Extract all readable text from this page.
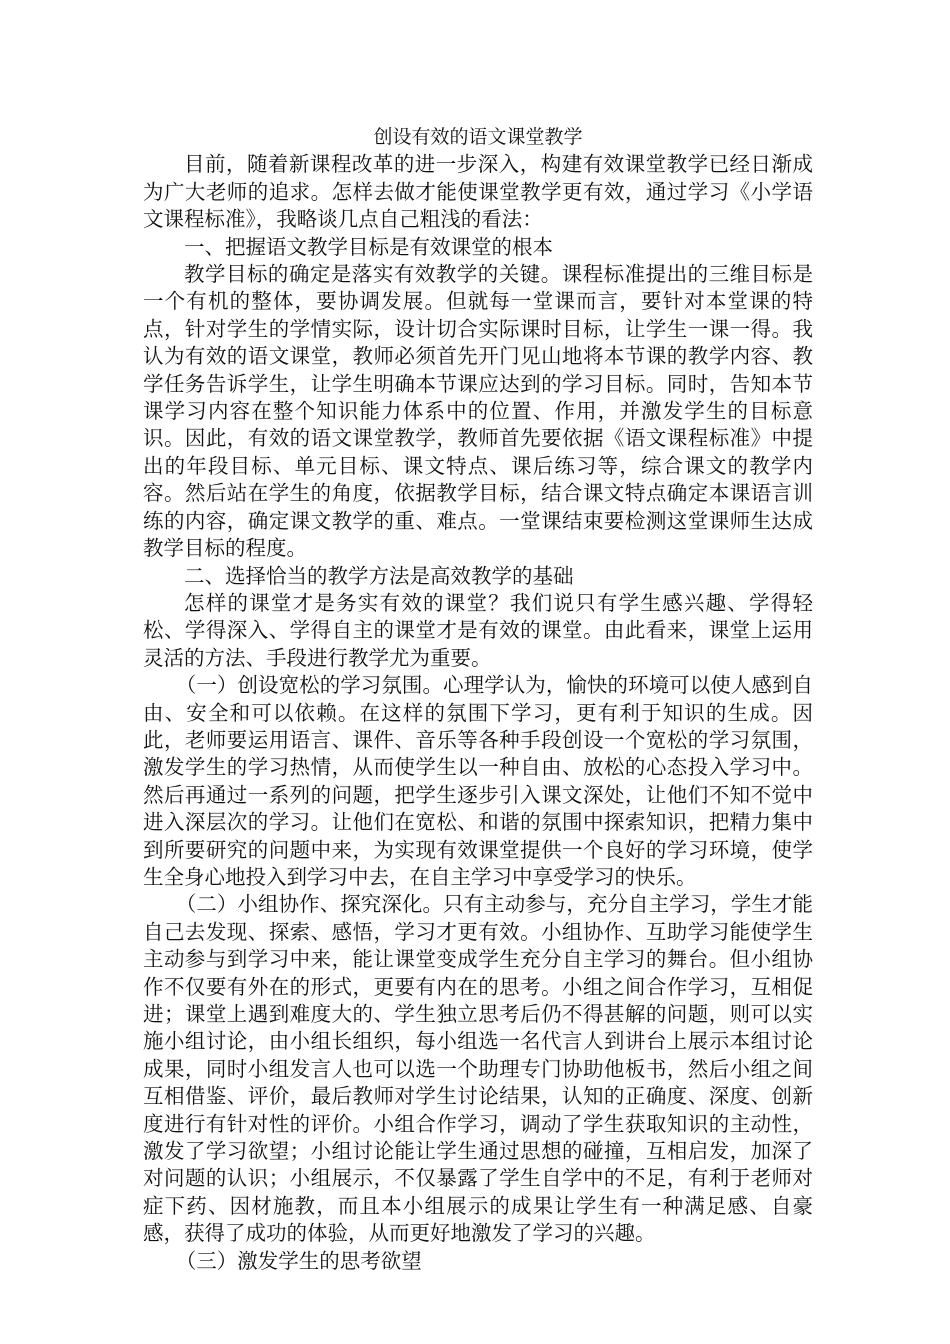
创设有效的语文课堂教学

目前，随着新课程改革的进一步深入，构建有效课堂教学已经日渐成为广大老师的追求。怎样去做才能使课堂教学更有效，通过学习《小学语文课程标准》，我略谈几点自己粗浅的看法：

一、把握语文教学目标是有效课堂的根本

教学目标的确定是落实有效教学的关键。课程标准提出的三维目标是一个有机的整体，要协调发展。但就每一堂课而言，要针对本堂课的特点，针对学生的学情实际，设计切合实际课时目标，让学生一课一得。我认为有效的语文课堂，教师必须首先开门见山地将本节课的教学内容、教学任务告诉学生，让学生明确本节课应达到的学习目标。同时，告知本节课学习内容在整个知识能力体系中的位置、作用，并激发学生的目标意识。因此，有效的语文课堂教学，教师首先要依据《语文课程标准》中提出的年段目标、单元目标、课文特点、课后练习等，综合课文的教学内容。然后站在学生的角度，依据教学目标，结合课文特点确定本课语言训练的内容，确定课文教学的重、难点。一堂课结束要检测这堂课师生达成教学目标的程度。

二、选择恰当的教学方法是高效教学的基础

怎样的课堂才是务实有效的课堂？我们说只有学生感兴趣、学得轻松、学得深入、学得自主的课堂才是有效的课堂。由此看来，课堂上运用灵活的方法、手段进行教学尤为重要。

（一）创设宽松的学习氛围。心理学认为，愉快的环境可以使人感到自由、安全和可以依赖。在这样的氛围下学习，更有利于知识的生成。因此，老师要运用语言、课件、音乐等各种手段创设一个宽松的学习氛围，激发学生的学习热情，从而使学生以一种自由、放松的心态投入学习中。然后再通过一系列的问题，把学生逐步引入课文深处，让他们不知不觉中进入深层次的学习。让他们在宽松、和谐的氛围中探索知识，把精力集中到所要研究的问题中来，为实现有效课堂提供一个良好的学习环境，使学生全身心地投入到学习中去，在自主学习中享受学习的快乐。

（二）小组协作、探究深化。只有主动参与，充分自主学习，学生才能自己去发现、探索、感悟，学习才更有效。小组协作、互助学习能使学生主动参与到学习中来，能让课堂变成学生充分自主学习的舞台。但小组协作不仅要有外在的形式，更要有内在的思考。小组之间合作学习，互相促进；课堂上遇到难度大的、学生独立思考后仍不得甚解的问题，则可以实施小组讨论，由小组长组织，每小组选一名代言人到讲台上展示本组讨论成果，同时小组发言人也可以选一个助理专门协助他板书，然后小组之间互相借鉴、评价，最后教师对学生讨论结果，认知的正确度、深度、创新度进行有针对性的评价。小组合作学习，调动了学生获取知识的主动性，激发了学习欲望；小组讨论能让学生通过思想的碰撞，互相启发，加深了对问题的认识；小组展示，不仅暴露了学生自学中的不足，有利于老师对症下药、因材施教，而且本小组展示的成果让学生有一种满足感、自豪感，获得了成功的体验，从而更好地激发了学习的兴趣。

（三）激发学生的思考欲望
